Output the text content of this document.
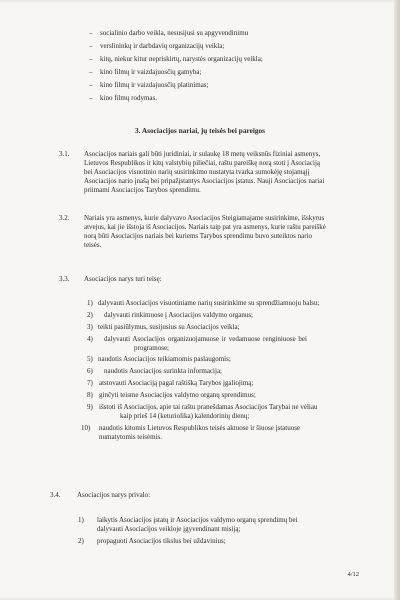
– socialinio darbo veikla, nesusijusi su apgyvendinimu
– verslininkų ir darbdavių organizacijų veikla;
– kitų, niekur kitur nepriskirtų, narystės organizacijų veikla;
– kino filmų ir vaizdajuosčių gamyba;
– kino filmų ir vaizdajuosčių platinimas;
– kino filmų rodymas.
3. Asociacijos nariai, jų teisės bei pareigos
3.1. Asociacijos nariais gali būti juridiniai, ir sulaukę 18 metų veiksnūs fiziniai asmenys,
Lietuvos Respublikos ir kitų valstybių piliečiai, raštu pareiškę norą stoti į Asociaciją
bei Asociacijos visuotinio narių susirinkimo nustatyta tvarka sumokėję stojamąjį
Asociacijos nario įnašą bei pripažįstantys Asociacijos įstatus. Nauji Asociacijos nariai
priimami Asociacijos Tarybos sprendimu.
3.2. Nariais yra asmenys, kurie dalyvavo Asociacijos Steigiamajame susirinkime, išskyrus
atvejus, kai jie išstoja iš Asociacijos. Nariais taip pat yra asmenys, kurie raštu pareiškė
norą būti Asociacijos nariais bei kuriems Tarybos sprendimu buvo suteiktos nario
teisės.
3.3. Asociacijos narys turi teisę:
1) dalyvauti Asociacijos visuotiniame narių susirinkime su sprendžiamuoju balsu;
2) dalyvauti rinkimuose į Asociacijos valdymo organus;
3) teikti pasiūlymus, susijusius su Asociacijos veikla;
4) dalyvauti Asociacijos organizuojamuose ir vedamuose renginiuose bei
programose;
5) naudotis Asociacijos teikiamomis paslaugomis;
6) naudotis Asociacijos surinkta informacija;
7) atstovauti Asociaciją pagal raštišką Tarybos įgaliojimą;
8) ginčyti teisme Asociacijos valdymo organų sprendimus;
9) išstoti iš Asociacijos, apie tai raštu pranešdamas Asociacijos Tarybai ne vėliau
kaip prieš 14 (keturiolika) kalendorinių dienų;
10) naudotis kitomis Lietuvos Respublikos teisės aktuose ir šiuose įstatuose
numatytomis teisėmis.
3.4. Asociacijos narys privalo:
1) laikytis Asociacijos įstatų ir Asociacijos valdymo organų sprendimų bei
dalyvauti Asociacijos veikloje įgyvendinant misiją;
2) propaguoti Asociacijos tikslus bei uždavinius;
4/12
